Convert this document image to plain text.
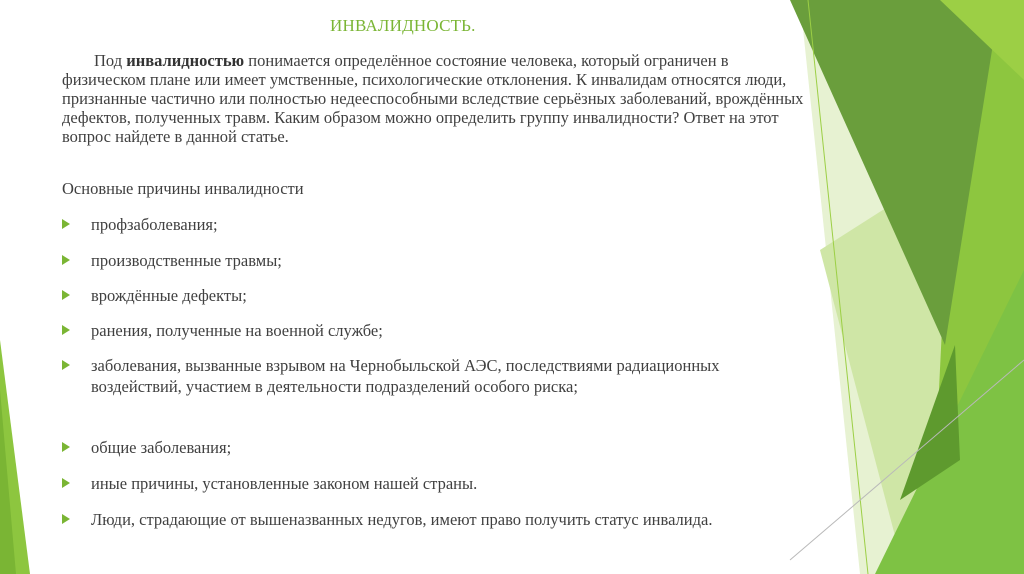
ИНВАЛИДНОСТЬ.
Под инвалидностью понимается определённое состояние человека, который ограничен в физическом плане или имеет умственные, психологические отклонения. К инвалидам относятся люди, признанные частично или полностью недееспособными вследствие серьёзных заболеваний, врождённых дефектов, полученных травм. Каким образом можно определить группу инвалидности? Ответ на этот вопрос найдете в данной статье.
Основные причины инвалидности
профзаболевания;
производственные травмы;
врождённые дефекты;
ранения, полученные на военной службе;
заболевания, вызванные взрывом на Чернобыльской АЭС, последствиями радиационных воздействий, участием в деятельности подразделений особого риска;
общие заболевания;
иные причины, установленные законом нашей страны.
Люди, страдающие от вышеназванных недугов, имеют право получить статус инвалида.
